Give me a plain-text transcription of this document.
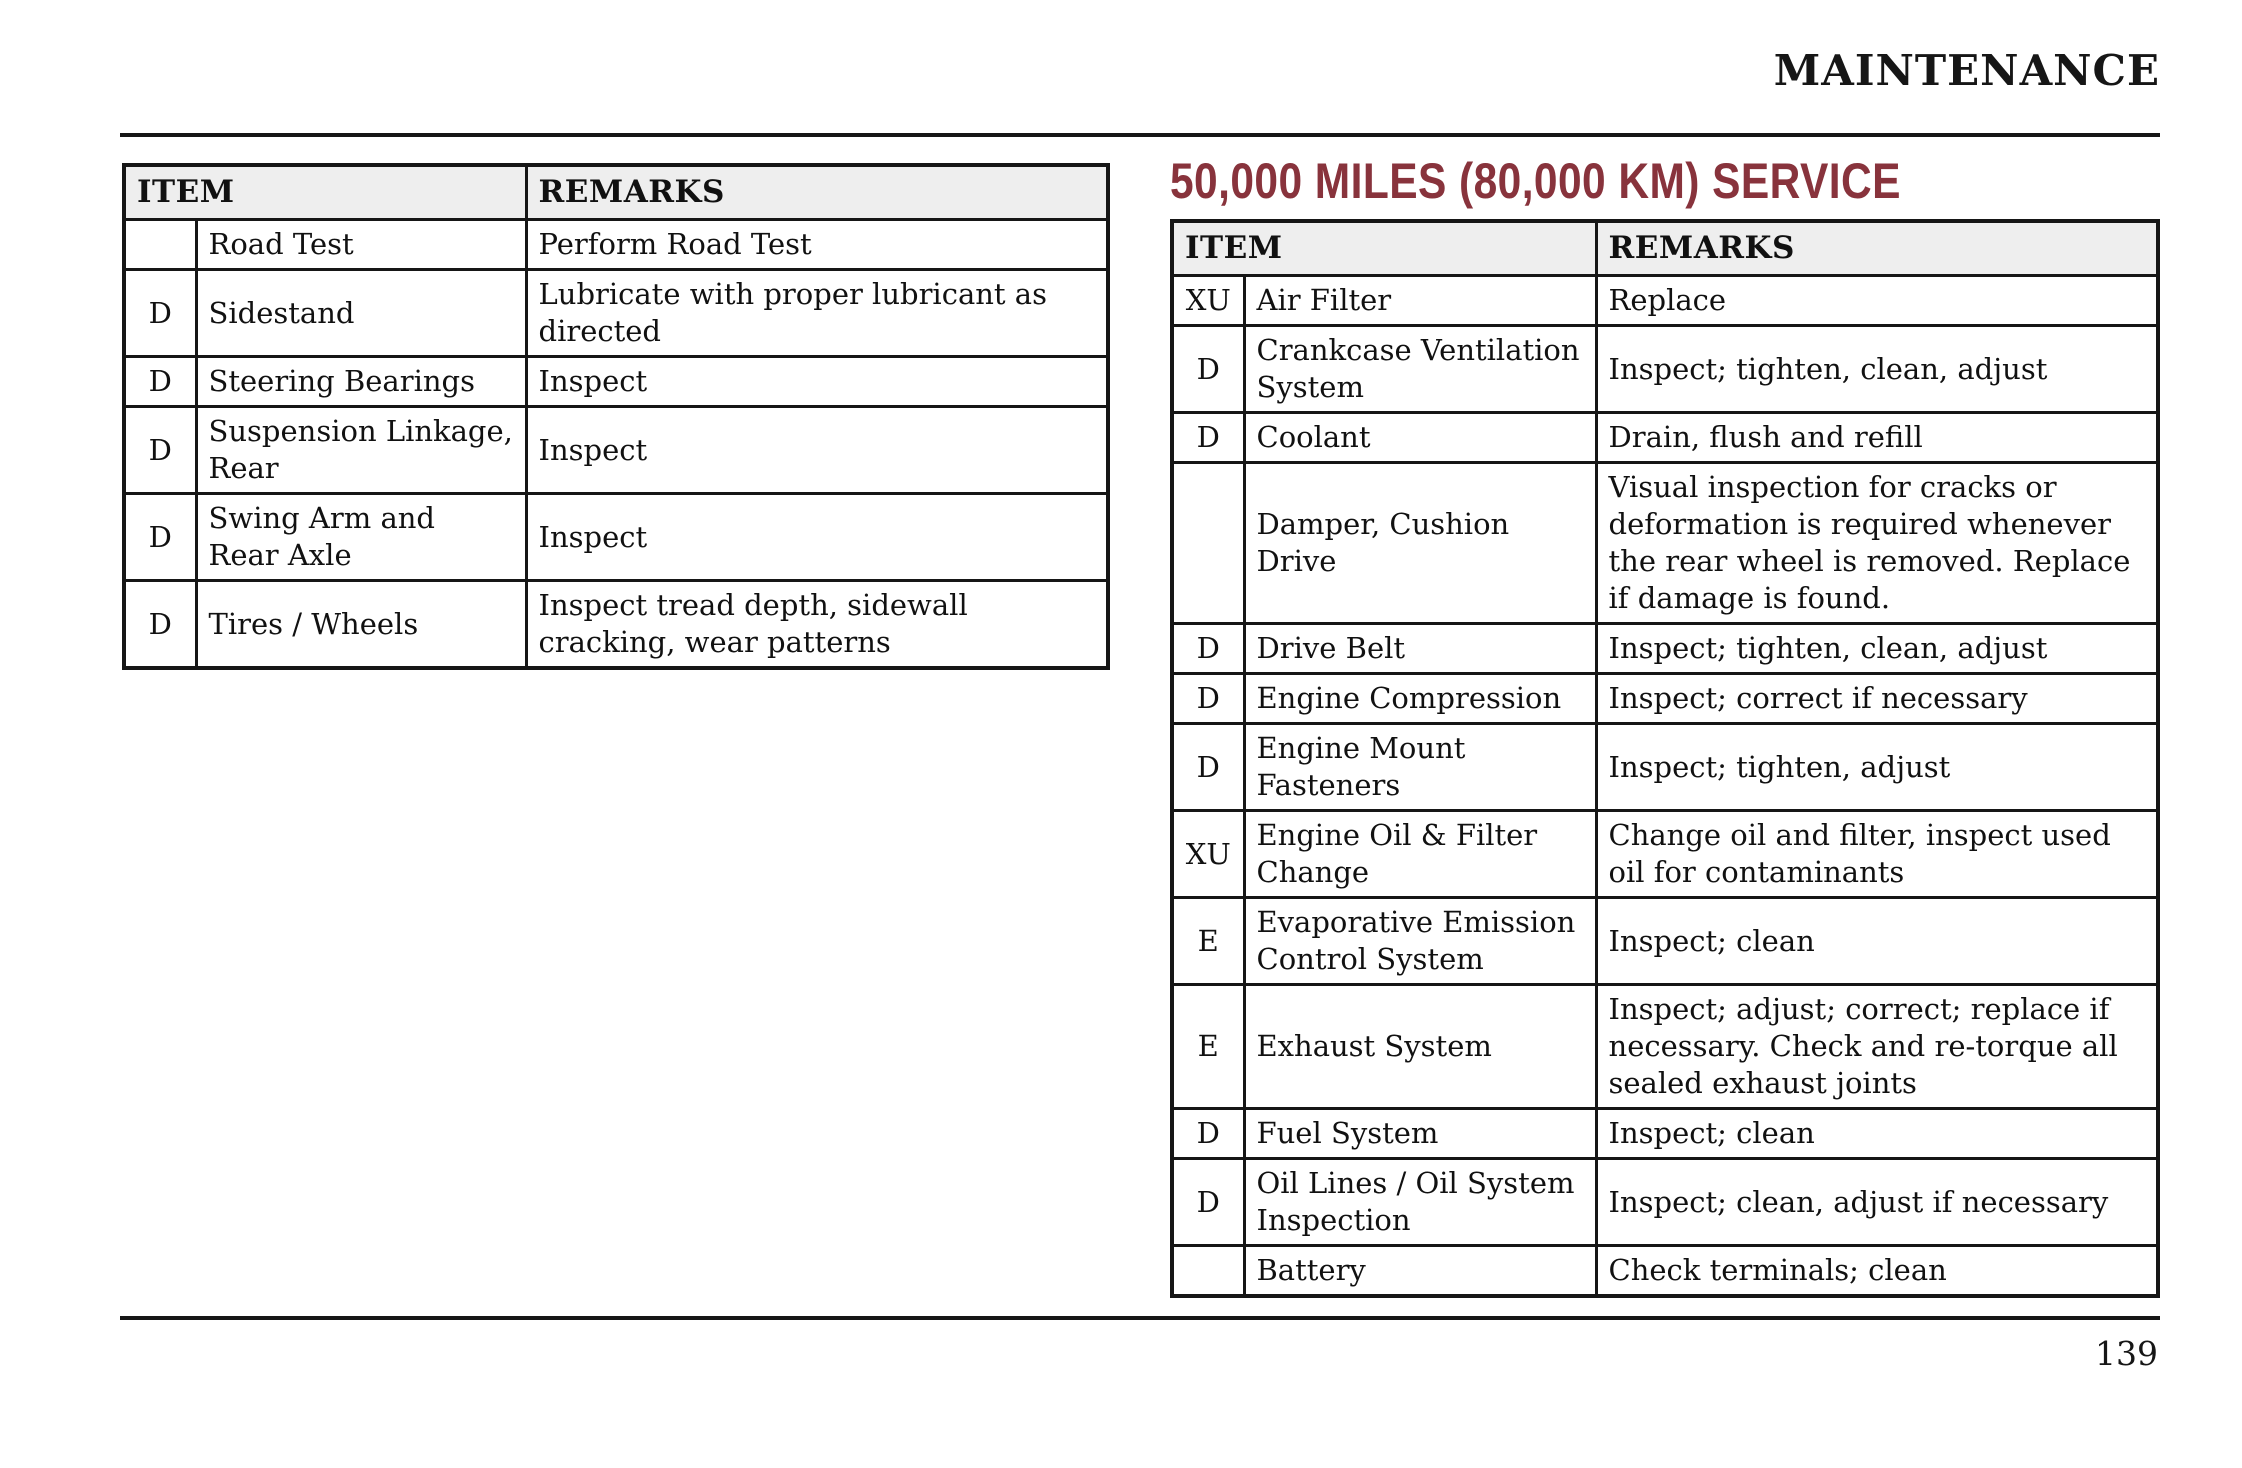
MAINTENANCE
ITEM		REMARKS
	Road Test	Perform Road Test
D	Sidestand	Lubricate with proper lubricant as directed
D	Steering Bearings	Inspect
D	Suspension Linkage, Rear	Inspect
D	Swing Arm and Rear Axle	Inspect
D	Tires / Wheels	Inspect tread depth, sidewall cracking, wear patterns
50,000 MILES (80,000 KM) SERVICE
ITEM		REMARKS
XU	Air Filter	Replace
D	Crankcase Ventilation System	Inspect; tighten, clean, adjust
D	Coolant	Drain, flush and refill
	Damper, Cushion Drive	Visual inspection for cracks or deformation is required whenever the rear wheel is removed. Replace if damage is found.
D	Drive Belt	Inspect; tighten, clean, adjust
D	Engine Compression	Inspect; correct if necessary
D	Engine Mount Fasteners	Inspect; tighten, adjust
XU	Engine Oil & Filter Change	Change oil and filter, inspect used oil for contaminants
E	Evaporative Emission Control System	Inspect; clean
E	Exhaust System	Inspect; adjust; correct; replace if necessary. Check and re-torque all sealed exhaust joints
D	Fuel System	Inspect; clean
D	Oil Lines / Oil System Inspection	Inspect; clean, adjust if necessary
	Battery	Check terminals; clean
139
